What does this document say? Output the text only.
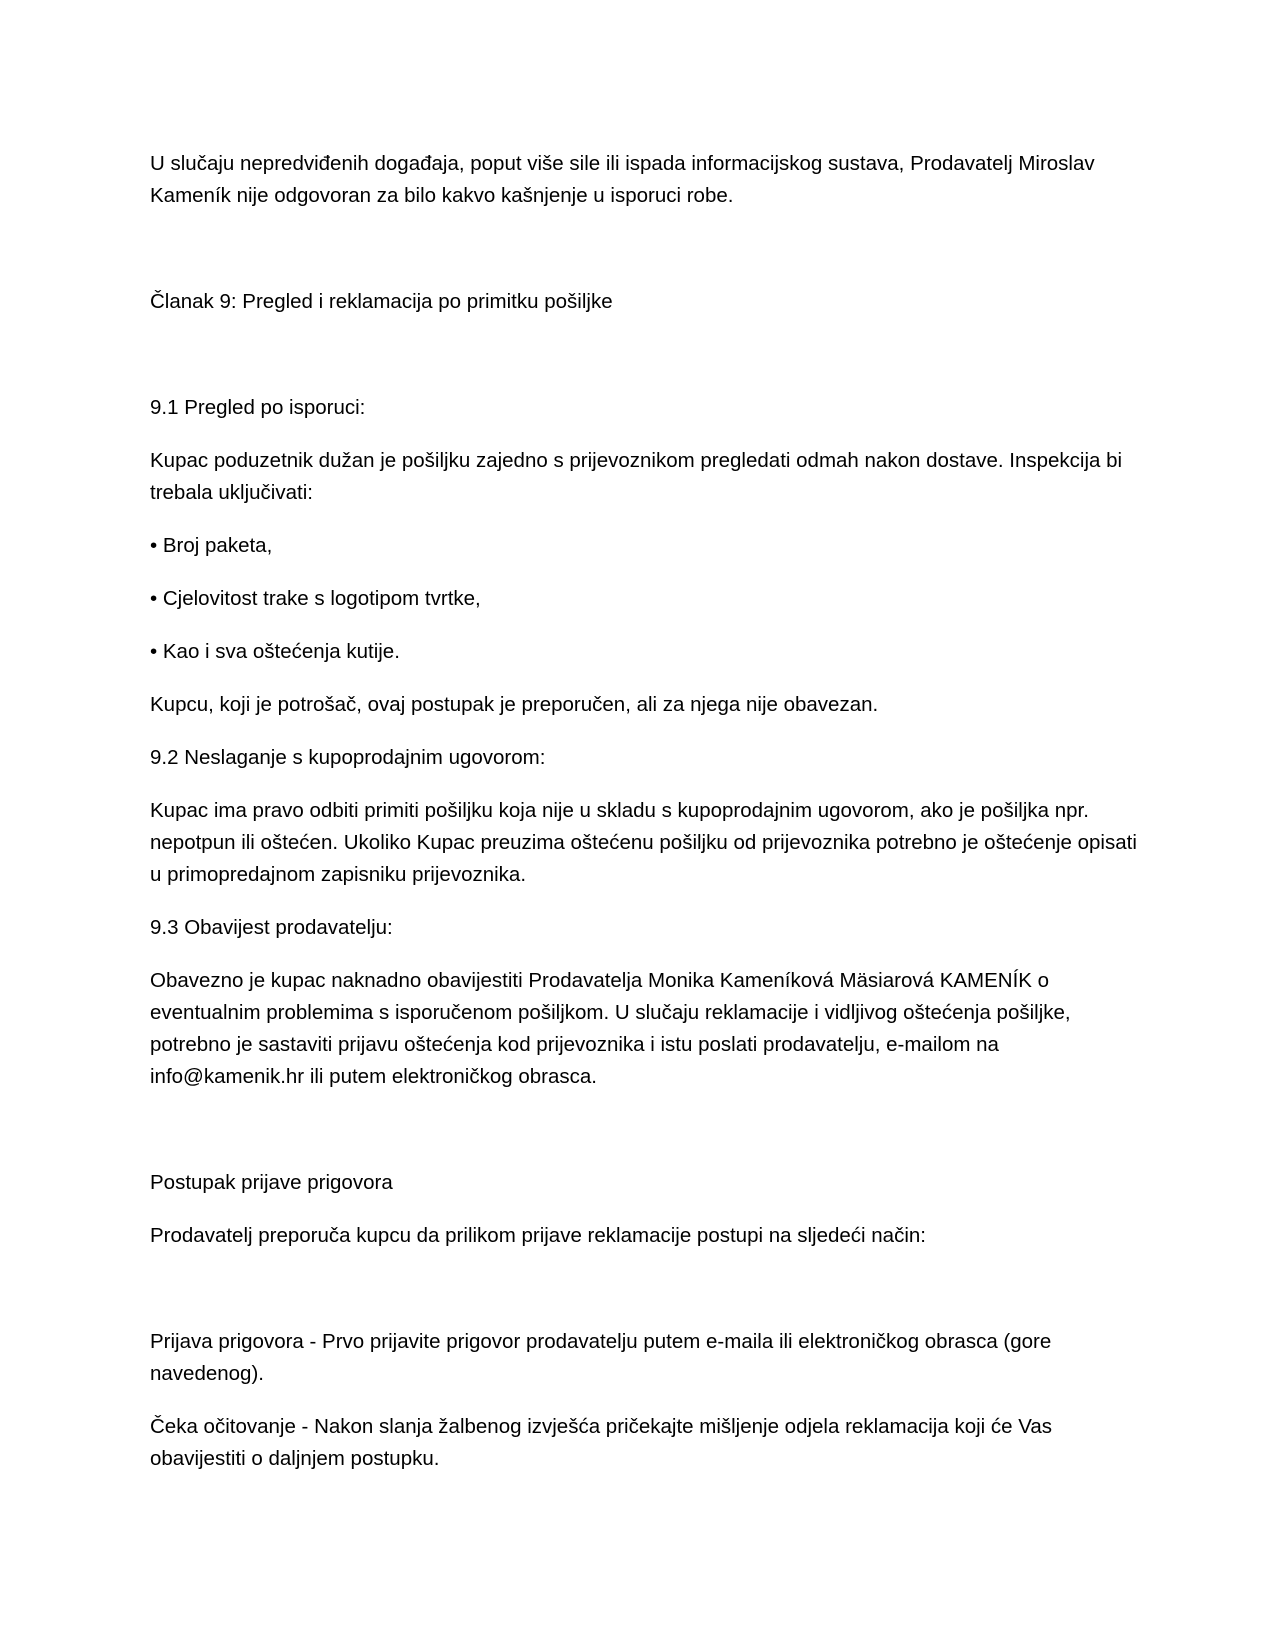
U slučaju nepredviđenih događaja, poput više sile ili ispada informacijskog sustava, Prodavatelj Miroslav Kameník nije odgovoran za bilo kakvo kašnjenje u isporuci robe.

Članak 9: Pregled i reklamacija po primitku pošiljke

9.1 Pregled po isporuci:

Kupac poduzetnik dužan je pošiljku zajedno s prijevoznikom pregledati odmah nakon dostave. Inspekcija bi trebala uključivati:

• Broj paketa,

• Cjelovitost trake s logotipom tvrtke,

• Kao i sva oštećenja kutije.

Kupcu, koji je potrošač, ovaj postupak je preporučen, ali za njega nije obavezan.

9.2 Neslaganje s kupoprodajnim ugovorom:

Kupac ima pravo odbiti primiti pošiljku koja nije u skladu s kupoprodajnim ugovorom, ako je pošiljka npr. nepotpun ili oštećen. Ukoliko Kupac preuzima oštećenu pošiljku od prijevoznika potrebno je oštećenje opisati u primopredajnom zapisniku prijevoznika.

9.3 Obavijest prodavatelju:

Obavezno je kupac naknadno obavijestiti Prodavatelja Monika Kameníková Mäsiarová KAMENÍK o eventualnim problemima s isporučenom pošiljkom. U slučaju reklamacije i vidljivog oštećenja pošiljke, potrebno je sastaviti prijavu oštećenja kod prijevoznika i istu poslati prodavatelju, e-mailom na info@kamenik.hr ili putem elektroničkog obrasca.

Postupak prijave prigovora

Prodavatelj preporuča kupcu da prilikom prijave reklamacije postupi na sljedeći način:

Prijava prigovora - Prvo prijavite prigovor prodavatelju putem e-maila ili elektroničkog obrasca (gore navedenog).

Čeka očitovanje - Nakon slanja žalbenog izvješća pričekajte mišljenje odjela reklamacija koji će Vas obavijestiti o daljnjem postupku.
